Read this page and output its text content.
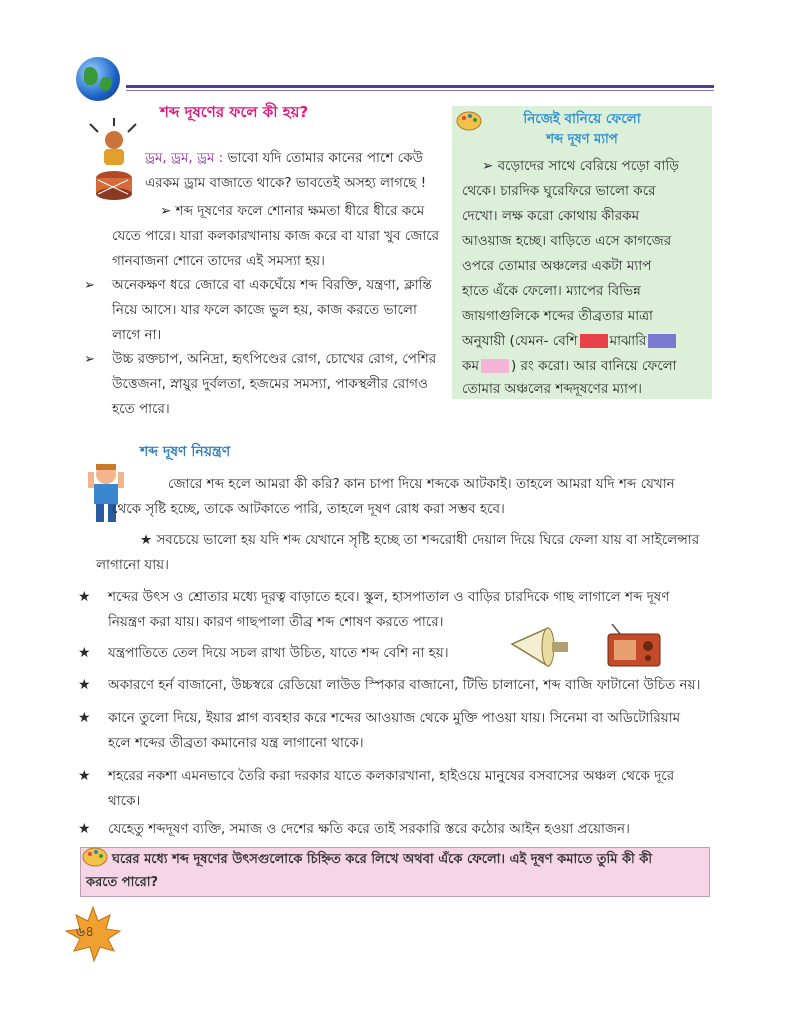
শব্দ দূষণের ফলে কী হয়?
ড্রম, ড্রম, ড্রম : ভাবো যদি তোমার কানের পাশে কেউ
এরকম ড্রাম বাজাতে থাকে? ভাবতেই অসহ্য লাগছে !
➢ শব্দ দূষণের ফলে শোনার ক্ষমতা ধীরে ধীরে কমে
যেতে পারে। যারা কলকারখানায় কাজ করে বা যারা খুব জোরে
গানবাজনা শোনে তাদের এই সমস্যা হয়।
➢ অনেকক্ষণ ধরে জোরে বা একঘেঁয়ে শব্দ বিরক্তি, যন্ত্রণা, ক্লান্তি
নিয়ে আসে। যার ফলে কাজে ভুল হয়, কাজ করতে ভালো
লাগে না।
➢ উচ্চ রক্তচাপ, অনিদ্রা, হৃৎপিণ্ডের রোগ, চোখের রোগ, পেশির
উত্তেজনা, স্নায়ুর দুর্বলতা, হজমের সমস্যা, পাকস্থলীর রোগও
হতে পারে।
নিজেই বানিয়ে ফেলো
শব্দ দূষণ ম্যাপ
➢ বড়োদের সাথে বেরিয়ে পড়ো বাড়ি
থেকে। চারদিক ঘুরেফিরে ভালো করে
দেখো। লক্ষ করো কোথায় কীরকম
আওয়াজ হচ্ছে। বাড়িতে এসে কাগজের
ওপরে তোমার অঞ্চলের একটা ম্যাপ
হাতে এঁকে ফেলো। ম্যাপের বিভিন্ন
জায়গাগুলিকে শব্দের তীব্রতার মাত্রা
অনুযায়ী (যেমন- বেশি মাঝারি
কম ) রং করো। আর বানিয়ে ফেলো
তোমার অঞ্চলের শব্দদূষণের ম্যাপ।
শব্দ দূষণ নিয়ন্ত্রণ
জোরে শব্দ হলে আমরা কী করি? কান চাপা দিয়ে শব্দকে আটকাই। তাহলে আমরা যদি শব্দ যেখান
থেকে সৃষ্টি হচ্ছে, তাকে আটকাতে পারি, তাহলে দূষণ রোধ করা সম্ভব হবে।
★ সবচেয়ে ভালো হয় যদি শব্দ যেখানে সৃষ্টি হচ্ছে তা শব্দরোধী দেয়াল দিয়ে ঘিরে ফেলা যায় বা সাইলেন্সার
লাগানো যায়।
★ শব্দের উৎস ও শ্রোতার মধ্যে দূরত্ব বাড়াতে হবে। স্কুল, হাসপাতাল ও বাড়ির চারদিকে গাছ লাগালে শব্দ দূষণ
নিয়ন্ত্রণ করা যায়। কারণ গাছপালা তীব্র শব্দ শোষণ করতে পারে।
★ যন্ত্রপাতিতে তেল দিয়ে সচল রাখা উচিত, যাতে শব্দ বেশি না হয়।
★ অকারণে হর্ন বাজানো, উচ্চস্বরে রেডিয়ো লাউড স্পিকার বাজানো, টিভি চালানো, শব্দ বাজি ফাটানো উচিত নয়।
★ কানে তুলো দিয়ে, ইয়ার প্লাগ ব্যবহার করে শব্দের আওয়াজ থেকে মুক্তি পাওয়া যায়। সিনেমা বা অডিটোরিয়াম
হলে শব্দের তীব্রতা কমানোর যন্ত্র লাগানো থাকে।
★ শহরের নকশা এমনভাবে তৈরি করা দরকার যাতে কলকারখানা, হাইওয়ে মানুষের বসবাসের অঞ্চল থেকে দূরে
থাকে।
★ যেহেতু শব্দদূষণ ব্যক্তি, সমাজ ও দেশের ক্ষতি করে তাই সরকারি স্তরে কঠোর আইন হওয়া প্রয়োজন।
ঘরের মধ্যে শব্দ দূষণের উৎসগুলোকে চিহ্নিত করে লিখে অথবা এঁকে ফেলো। এই দূষণ কমাতে তুমি কী কী
করতে পারো?
৬৪
